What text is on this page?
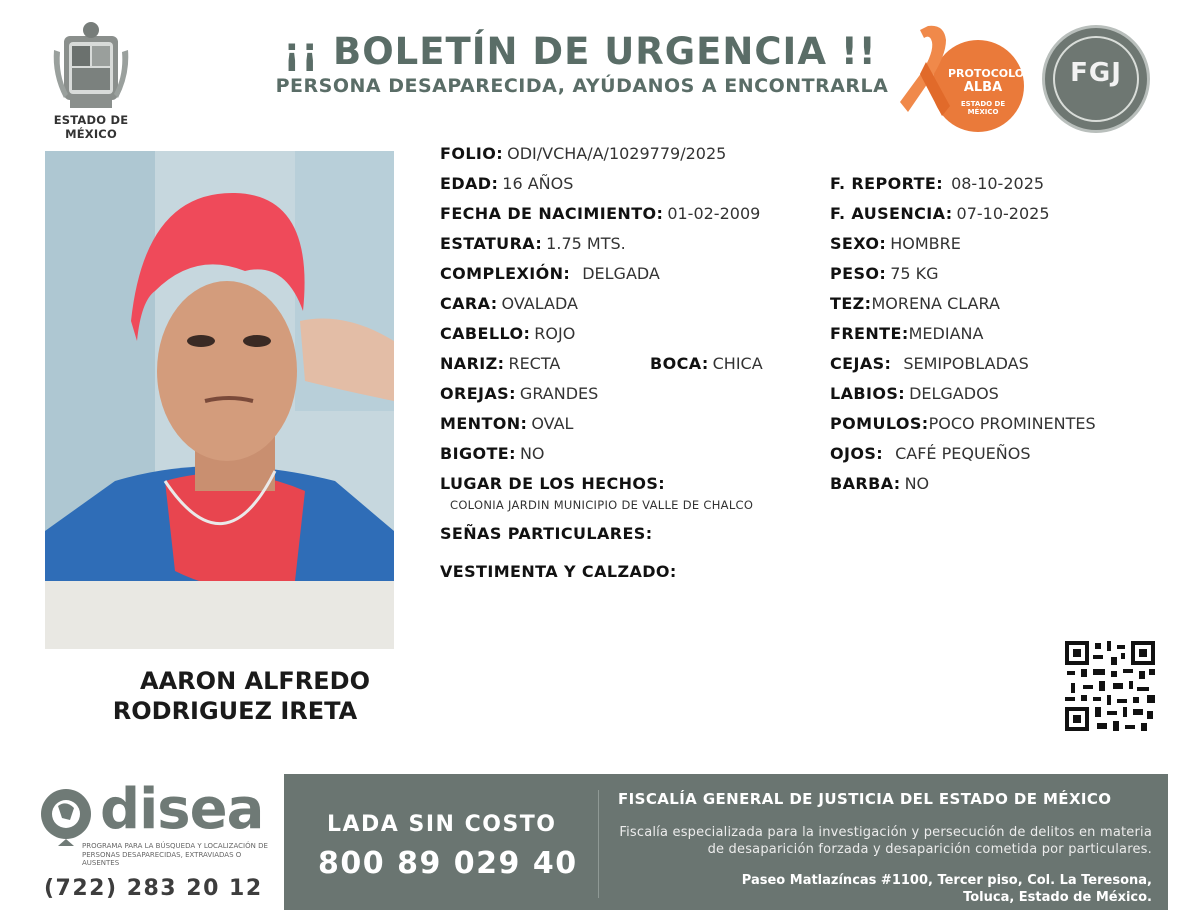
ESTADO DE MÉXICO
¡¡ BOLETÍN DE URGENCIA !!
PERSONA DESAPARECIDA, AYÚDANOS A ENCONTRARLA
PROTOCOLO
ALBA
ESTADO DE MÉXICO
FGJ
AARON ALFREDO
RODRIGUEZ IRETA
FOLIO: ODI/VCHA/A/1029779/2025
EDAD: 16 AÑOS
FECHA DE NACIMIENTO: 01-02-2009
ESTATURA: 1.75 MTS.
COMPLEXIÓN: DELGADA
CARA: OVALADA
CABELLO: ROJO
NARIZ: RECTA	BOCA: CHICA
OREJAS: GRANDES
MENTON: OVAL
BIGOTE: NO
LUGAR DE LOS HECHOS:
COLONIA JARDIN MUNICIPIO DE VALLE DE CHALCO
SEÑAS PARTICULARES:
VESTIMENTA Y CALZADO:
F. REPORTE: 08-10-2025
F. AUSENCIA: 07-10-2025
SEXO: HOMBRE
PESO: 75 KG
TEZ:MORENA CLARA
FRENTE:MEDIANA
CEJAS: SEMIPOBLADAS
LABIOS: DELGADOS
POMULOS:POCO PROMINENTES
OJOS: CAFÉ PEQUEÑOS
BARBA: NO
disea
PROGRAMA PARA LA BÚSQUEDA Y LOCALIZACIÓN DE PERSONAS DESAPARECIDAS, EXTRAVIADAS O AUSENTES
(722) 283 20 12
LADA SIN COSTO
800 89 029 40
FISCALÍA GENERAL DE JUSTICIA DEL ESTADO DE MÉXICO
Fiscalía especializada para la investigación y persecución de delitos en materia de desaparición forzada y desaparición cometida por particulares.
Paseo Matlazíncas #1100, Tercer piso, Col. La Teresona,
Toluca, Estado de México.
